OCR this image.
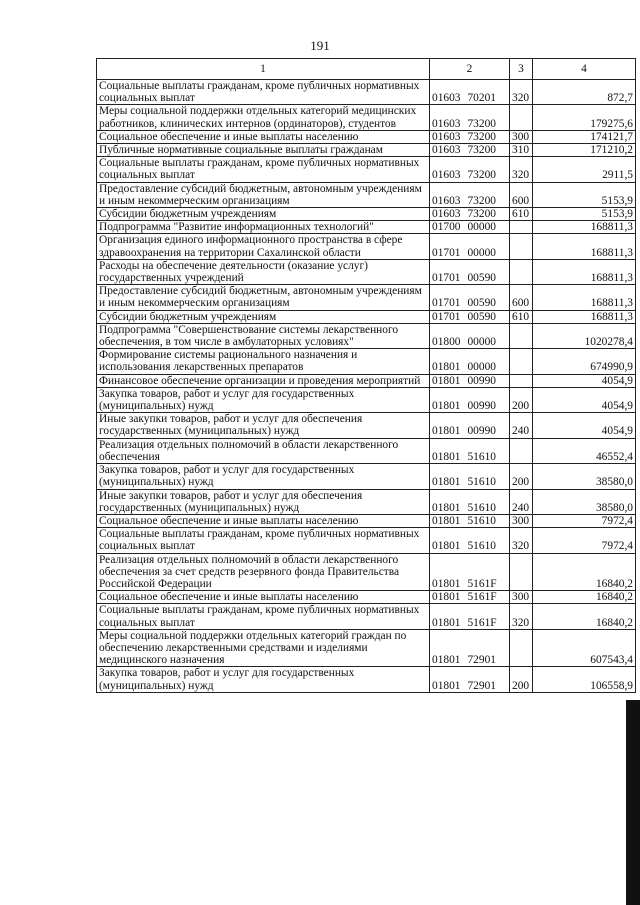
191
1	2	3	4
Социальные выплаты гражданам, кроме публичных нормативных социальных выплат	01603 70201	320	872,7
Меры социальной поддержки отдельных категорий медицинских работников, клинических интернов (ординаторов), студентов	01603 73200		179275,6
Социальное обеспечение и иные выплаты населению	01603 73200	300	174121,7
Публичные нормативные социальные выплаты гражданам	01603 73200	310	171210,2
Социальные выплаты гражданам, кроме публичных нормативных социальных выплат	01603 73200	320	2911,5
Предоставление субсидий бюджетным, автономным учреждениям и иным некоммерческим организациям	01603 73200	600	5153,9
Субсидии бюджетным учреждениям	01603 73200	610	5153,9
Подпрограмма "Развитие информационных технологий"	01700 00000		168811,3
Организация единого информационного пространства в сфере здравоохранения на территории Сахалинской области	01701 00000		168811,3
Расходы на обеспечение деятельности (оказание услуг) государственных учреждений	01701 00590		168811,3
Предоставление субсидий бюджетным, автономным учреждениям и иным некоммерческим организациям	01701 00590	600	168811,3
Субсидии бюджетным учреждениям	01701 00590	610	168811,3
Подпрограмма "Совершенствование системы лекарственного обеспечения, в том числе в амбулаторных условиях"	01800 00000		1020278,4
Формирование системы рационального назначения и использования лекарственных препаратов	01801 00000		674990,9
Финансовое обеспечение организации и проведения мероприятий	01801 00990		4054,9
Закупка товаров, работ и услуг для государственных (муниципальных) нужд	01801 00990	200	4054,9
Иные закупки товаров, работ и услуг для обеспечения государственных (муниципальных) нужд	01801 00990	240	4054,9
Реализация отдельных полномочий в области лекарственного обеспечения	01801 51610		46552,4
Закупка товаров, работ и услуг для государственных (муниципальных) нужд	01801 51610	200	38580,0
Иные закупки товаров, работ и услуг для обеспечения государственных (муниципальных) нужд	01801 51610	240	38580,0
Социальное обеспечение и иные выплаты населению	01801 51610	300	7972,4
Социальные выплаты гражданам, кроме публичных нормативных социальных выплат	01801 51610	320	7972,4
Реализация отдельных полномочий в области лекарственного обеспечения за счет средств резервного фонда Правительства Российской Федерации	01801 5161F		16840,2
Социальное обеспечение и иные выплаты населению	01801 5161F	300	16840,2
Социальные выплаты гражданам, кроме публичных нормативных социальных выплат	01801 5161F	320	16840,2
Меры социальной поддержки отдельных категорий граждан по обеспечению лекарственными средствами и изделиями медицинского назначения	01801 72901		607543,4
Закупка товаров, работ и услуг для государственных (муниципальных) нужд	01801 72901	200	106558,9
